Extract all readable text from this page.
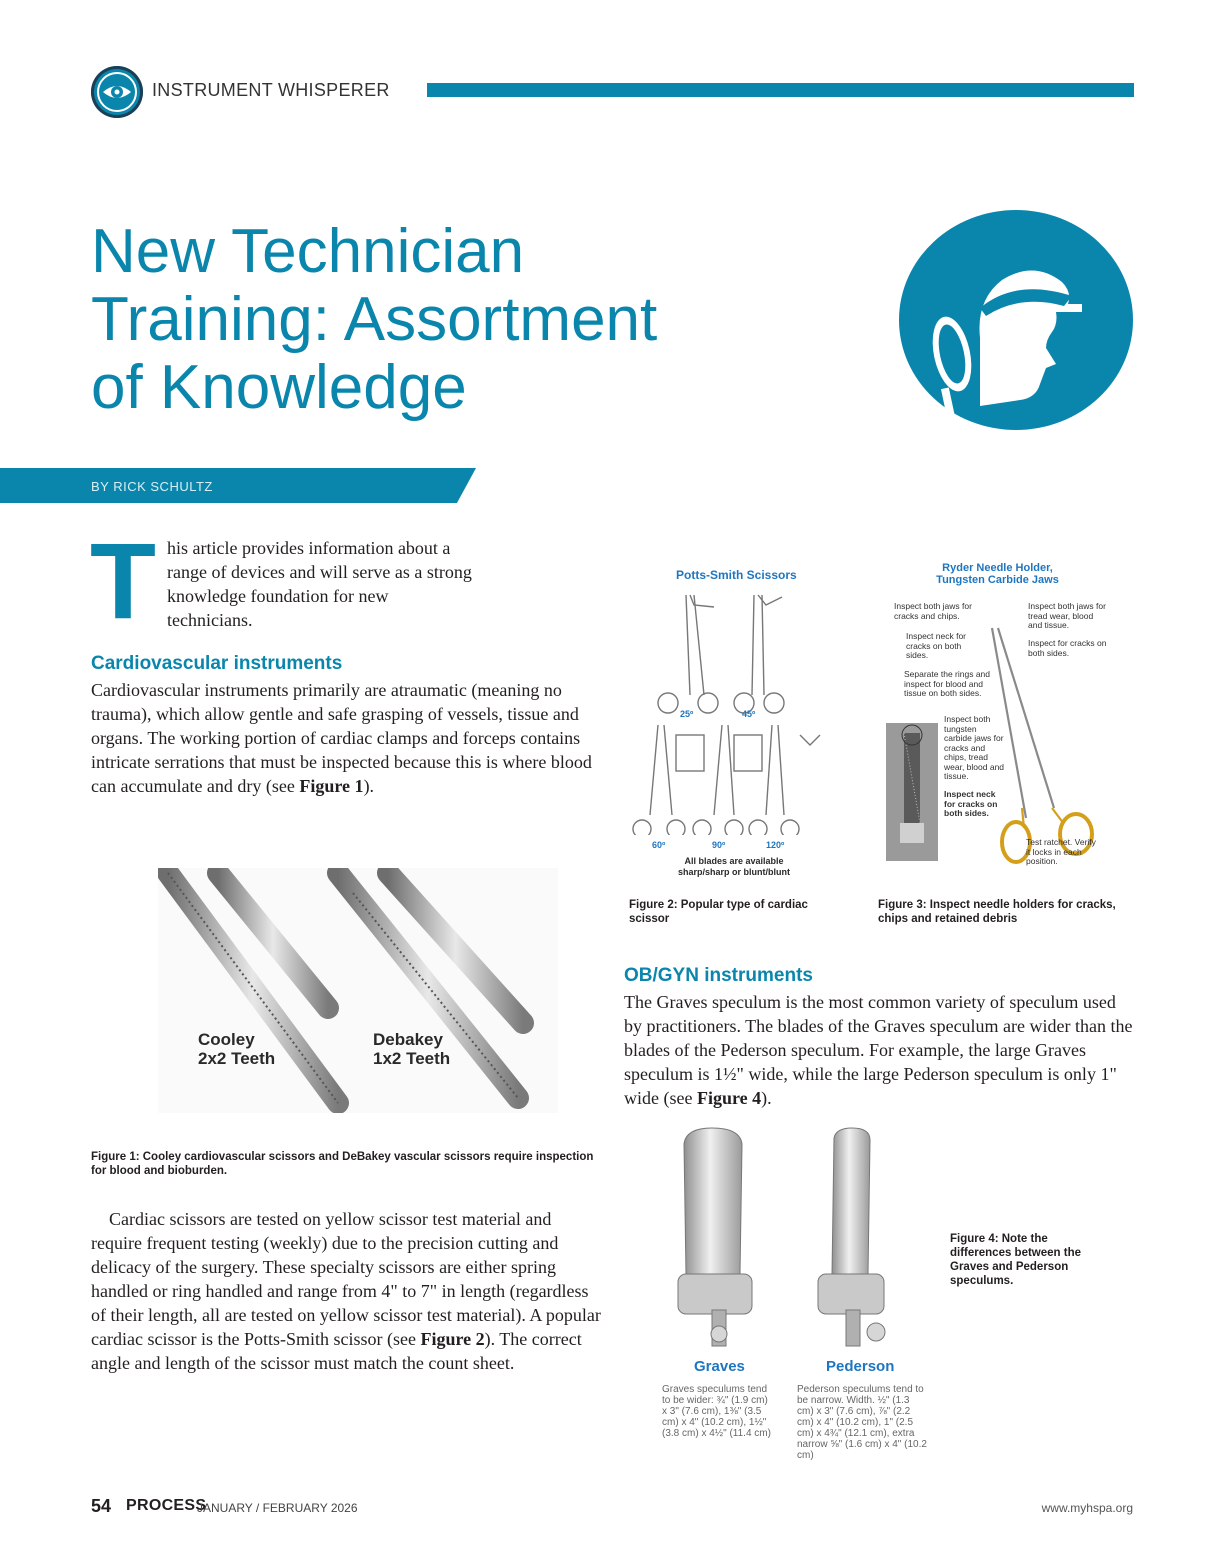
INSTRUMENT WHISPERER
New Technician
Training: Assortment
of Knowledge
BY RICK SCHULTZ
T his article provides information about a range of devices and will serve as a strong knowledge foundation for new technicians.
Cardiovascular instruments
Cardiovascular instruments primarily are atraumatic (meaning no trauma), which allow gentle and safe grasping of vessels, tissue and organs. The working portion of cardiac clamps and forceps contains intricate serrations that must be inspected because this is where blood can accumulate and dry (see Figure 1).
Cooley
2x2 Teeth
Debakey
1x2 Teeth
Figure 1: Cooley cardiovascular scissors and DeBakey vascular scissors require inspection for blood and bioburden.
Cardiac scissors are tested on yellow scissor test material and require frequent testing (weekly) due to the precision cutting and delicacy of the surgery. These specialty scissors are either spring handled or ring handled and range from 4" to 7" in length (regardless of their length, all are tested on yellow scissor test material). A popular cardiac scissor is the Potts-Smith scissor (see Figure 2). The correct angle and length of the scissor must match the count sheet.
Potts-Smith Scissors
25º	45º
60º	90º	120º
All blades are available
sharp/sharp or blunt/blunt
Figure 2: Popular type of cardiac scissor
Ryder Needle Holder,
Tungsten Carbide Jaws
Inspect both jaws for cracks and chips.
Inspect both jaws for tread wear, blood and tissue.
Inspect neck for cracks on both sides.
Inspect for cracks on both sides.
Separate the rings and inspect for blood and tissue on both sides.
Inspect both tungsten carbide jaws for cracks and chips, tread wear, blood and tissue.
Inspect neck for cracks on both sides.
Test ratchet. Verify it locks in each position.
Figure 3: Inspect needle holders for cracks, chips and retained debris
OB/GYN instruments
The Graves speculum is the most common variety of speculum used by practitioners. The blades of the Graves speculum are wider than the blades of the Pederson speculum. For example, the large Graves speculum is 1½" wide, while the large Pederson speculum is only 1" wide (see Figure 4).
Graves	Pederson
Graves speculums tend to be wider: ¾" (1.9 cm) x 3" (7.6 cm), 1⅜" (3.5 cm) x 4" (10.2 cm), 1½" (3.8 cm) x 4½" (11.4 cm)
Pederson speculums tend to be narrow. Width. ½" (1.3 cm) x 3" (7.6 cm), ⅞" (2.2 cm) x 4" (10.2 cm), 1" (2.5 cm) x 4¾" (12.1 cm), extra narrow ⅝" (1.6 cm) x 4" (10.2 cm)
Figure 4: Note the differences between the Graves and Pederson speculums.
54 PROCESS
JANUARY / FEBRUARY 2026	www.myhspa.org
